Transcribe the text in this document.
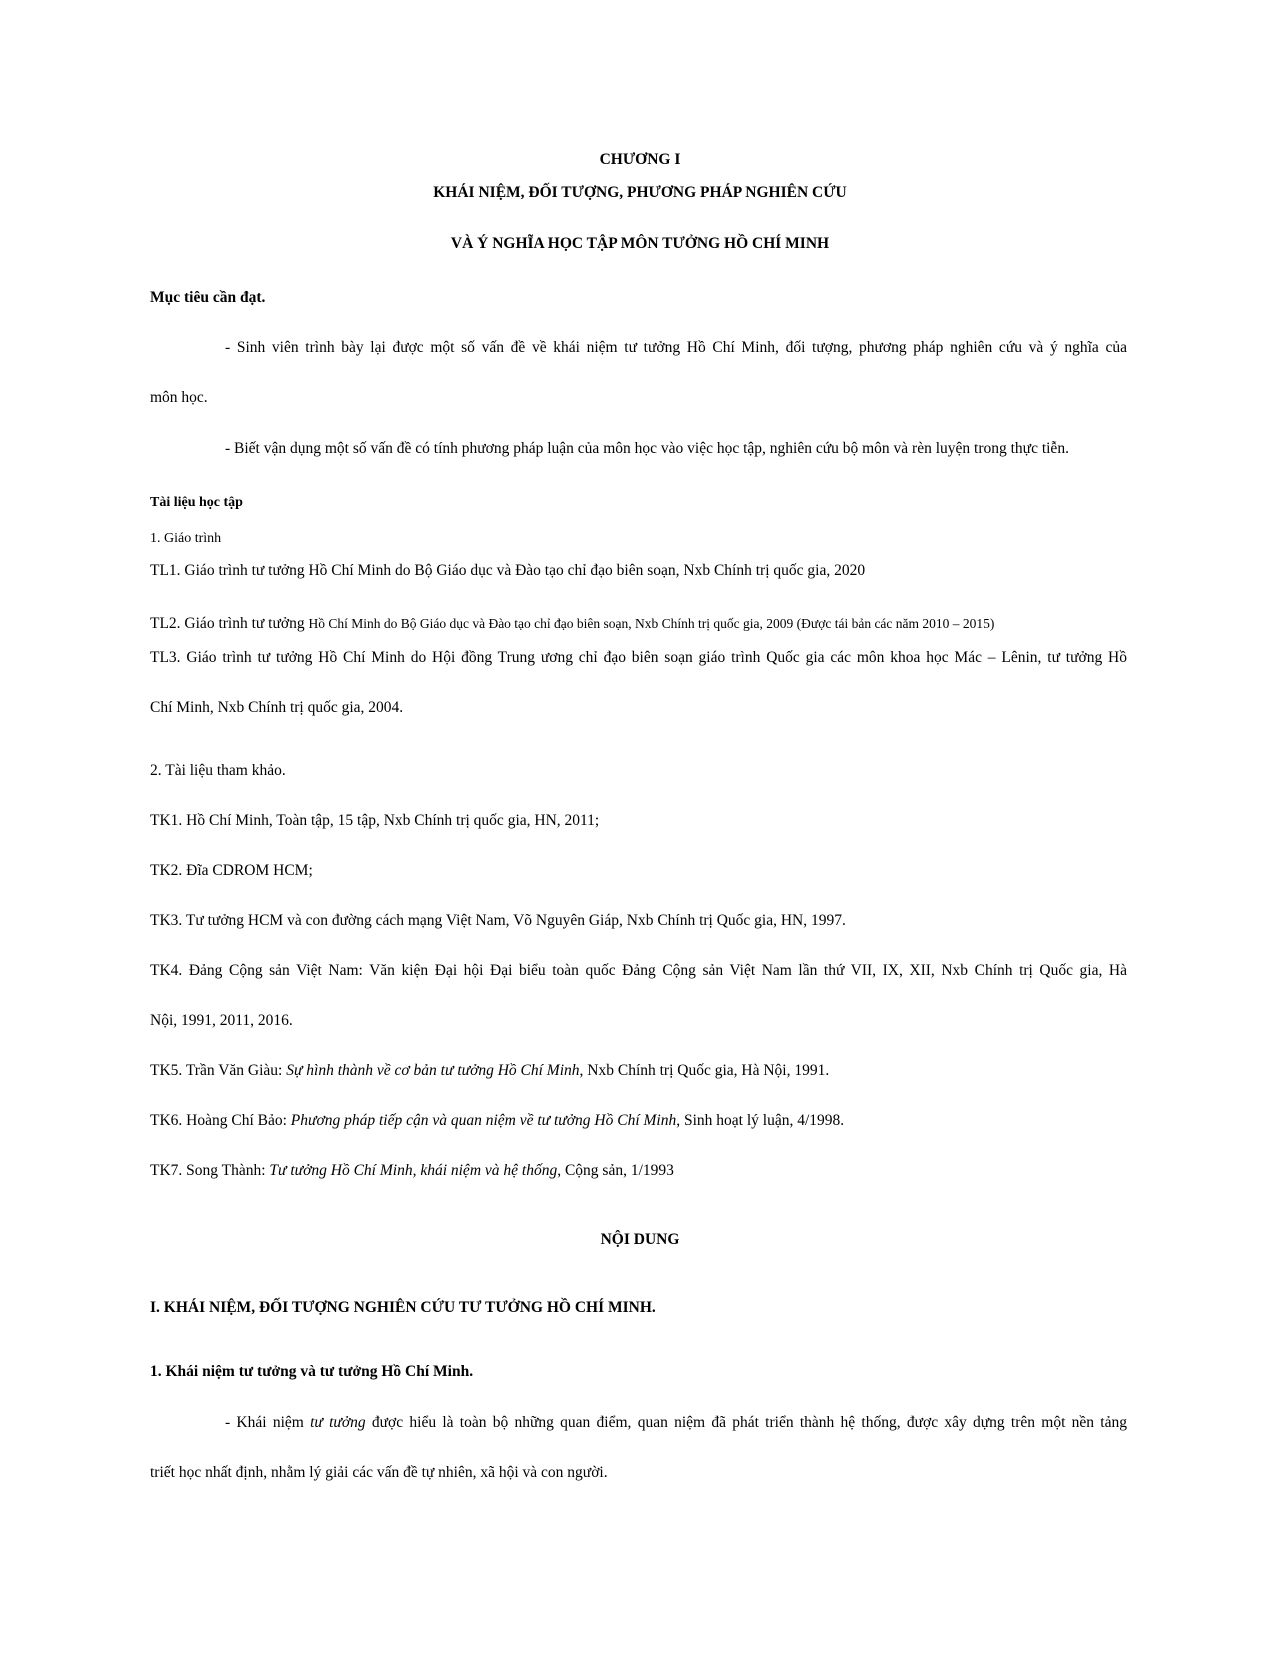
CHƯƠNG I
KHÁI NIỆM, ĐỐI TƯỢNG, PHƯƠNG PHÁP NGHIÊN CỨU
VÀ Ý NGHĨA HỌC TẬP MÔN TƯỞNG HỒ CHÍ MINH
Mục tiêu cần đạt.
- Sinh viên trình bày lại được một số vấn đề về khái niệm tư tưởng Hồ Chí Minh, đối tượng, phương pháp nghiên cứu và ý nghĩa của
môn học.
- Biết vận dụng một số vấn đề có tính phương pháp luận của môn học vào việc học tập, nghiên cứu bộ môn và rèn luyện trong thực tiễn.
Tài liệu học tập
1. Giáo trình
TL1. Giáo trình tư tưởng Hồ Chí Minh do Bộ Giáo dục và Đào tạo chỉ đạo biên soạn, Nxb Chính trị quốc gia, 2020
TL2. Giáo trình tư tưởng Hồ Chí Minh do Bộ Giáo dục và Đào tạo chỉ đạo biên soạn, Nxb Chính trị quốc gia, 2009 (Được tái bản các năm 2010 – 2015)
TL3. Giáo trình tư tưởng Hồ Chí Minh do Hội đồng Trung ương chỉ đạo biên soạn giáo trình Quốc gia các môn khoa học Mác – Lênin, tư tưởng Hồ
Chí Minh, Nxb Chính trị quốc gia, 2004.
2. Tài liệu tham khảo.
TK1. Hồ Chí Minh, Toàn tập, 15 tập, Nxb Chính trị quốc gia, HN, 2011;
TK2. Đĩa CDROM HCM;
TK3. Tư tưởng HCM và con đường cách mạng Việt Nam, Võ Nguyên Giáp, Nxb Chính trị Quốc gia, HN, 1997.
TK4. Đảng Cộng sản Việt Nam: Văn kiện Đại hội Đại biểu toàn quốc Đảng Cộng sản Việt Nam lần thứ VII, IX, XII, Nxb Chính trị Quốc gia, Hà
Nội, 1991, 2011, 2016.
TK5. Trần Văn Giàu: Sự hình thành về cơ bản tư tưởng Hồ Chí Minh, Nxb Chính trị Quốc gia, Hà Nội, 1991.
TK6. Hoàng Chí Bảo: Phương pháp tiếp cận và quan niệm về tư tưởng Hồ Chí Minh, Sinh hoạt lý luận, 4/1998.
TK7. Song Thành: Tư tưởng Hồ Chí Minh, khái niệm và hệ thống, Cộng sản, 1/1993
NỘI DUNG
I. KHÁI NIỆM, ĐỐI TƯỢNG NGHIÊN CỨU TƯ TƯỞNG HỒ CHÍ MINH.
1. Khái niệm tư tưởng và tư tưởng Hồ Chí Minh.
- Khái niệm tư tưởng được hiểu là toàn bộ những quan điểm, quan niệm đã phát triển thành hệ thống, được xây dựng trên một nền tảng
triết học nhất định, nhằm lý giải các vấn đề tự nhiên, xã hội và con người.
